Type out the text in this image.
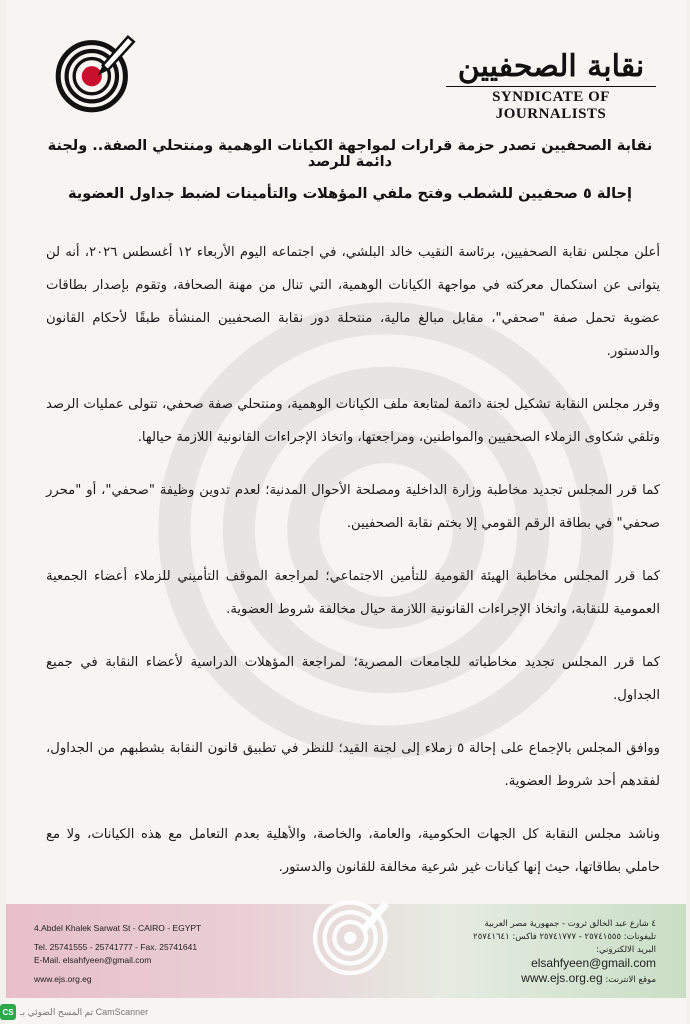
نقابة الصحفيين
SYNDICATE OF JOURNALISTS
نقابة الصحفيين تصدر حزمة قرارات لمواجهة الكيانات الوهمية ومنتحلي الصفة.. ولجنة دائمة للرصد
إحالة ٥ صحفيين للشطب وفتح ملفي المؤهلات والتأمينات لضبط جداول العضوية

أعلن مجلس نقابة الصحفيين، برئاسة النقيب خالد البلشي، في اجتماعه اليوم الأربعاء ١٢ أغسطس ٢٠٢٦، أنه لن يتوانى عن استكمال معركته في مواجهة الكيانات الوهمية، التي تنال من مهنة الصحافة، وتقوم بإصدار بطاقات عضوية تحمل صفة "صحفي"، مقابل مبالغ مالية، منتحلة دور نقابة الصحفيين المنشأة طبقًا لأحكام القانون والدستور.

وقرر مجلس النقابة تشكيل لجنة دائمة لمتابعة ملف الكيانات الوهمية، ومنتحلي صفة صحفي، تتولى عمليات الرصد وتلقي شكاوى الزملاء الصحفيين والمواطنين، ومراجعتها، واتخاذ الإجراءات القانونية اللازمة حيالها.

كما قرر المجلس تجديد مخاطبة وزارة الداخلية ومصلحة الأحوال المدنية؛ لعدم تدوين وظيفة "صحفي"، أو "محرر صحفي" في بطاقة الرقم القومي إلا بختم نقابة الصحفيين.

كما قرر المجلس مخاطبة الهيئة القومية للتأمين الاجتماعي؛ لمراجعة الموقف التأميني للزملاء أعضاء الجمعية العمومية للنقابة، واتخاذ الإجراءات القانونية اللازمة حيال مخالفة شروط العضوية.

كما قرر المجلس تجديد مخاطباته للجامعات المصرية؛ لمراجعة المؤهلات الدراسية لأعضاء النقابة في جميع الجداول.

ووافق المجلس بالإجماع على إحالة ٥ زملاء إلى لجنة القيد؛ للنظر في تطبيق قانون النقابة بشطبهم من الجداول، لفقدهم أحد شروط العضوية.

وناشد مجلس النقابة كل الجهات الحكومية، والعامة، والخاصة، والأهلية بعدم التعامل مع هذه الكيانات، ولا مع حاملي بطاقاتها، حيث إنها كيانات غير شرعية مخالفة للقانون والدستور.

4.Abdel Khalek Sarwat St - CAIRO - EGYPT
Tel. 25741555 - 25741777 - Fax. 25741641
E-Mail. elsahfyeen@gmail.com
www.ejs.org.eg
٤ شارع عبد الخالق ثروت - جمهورية مصر العربية
تليفونات: ٢٥٧٤١٥٥٥ - ٢٥٧٤١٧٧٧ فاكس: ٢٥٧٤١٦٤١
البريد الالكتروني:
elsahfyeen@gmail.com
موقع الانترنت: www.ejs.org.eg
CS تم المسح الضوئي بـ CamScanner
